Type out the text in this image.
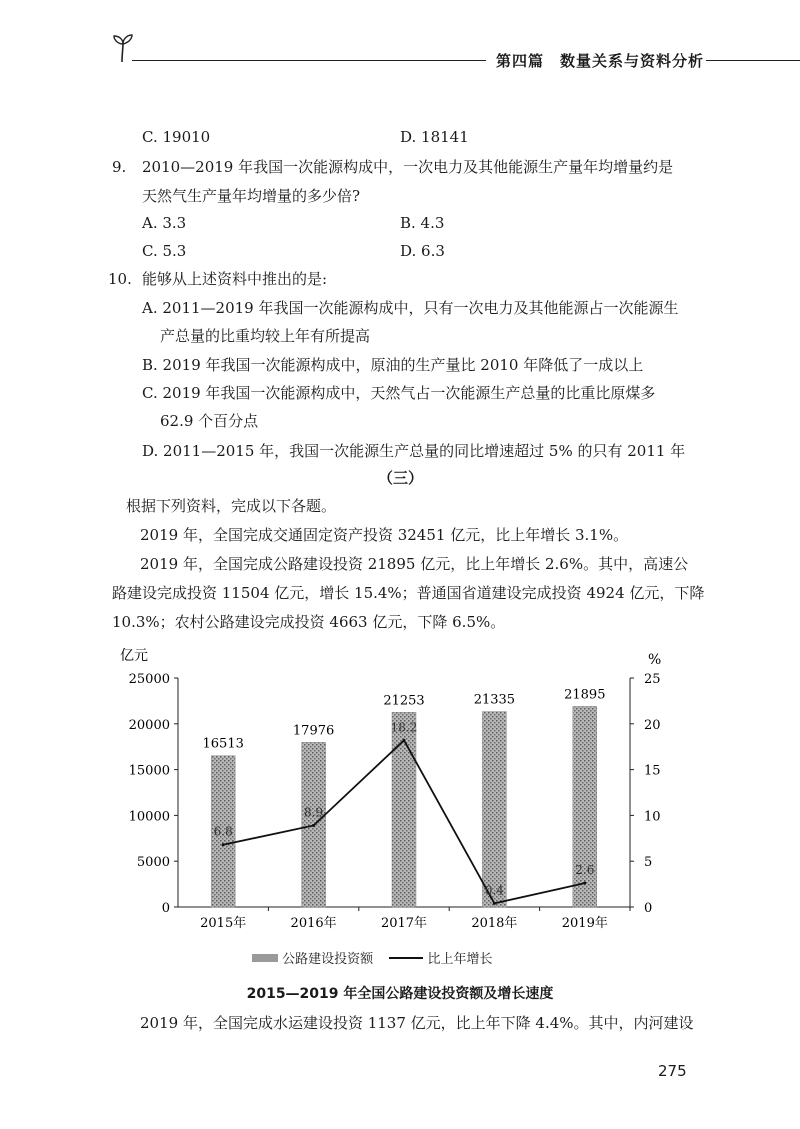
第四篇　数量关系与资料分析
C. 19010	D. 18141
9. 2010—2019 年我国一次能源构成中，一次电力及其他能源生产量年均增量约是
天然气生产量年均增量的多少倍?
A. 3.3	B. 4.3
C. 5.3	D. 6.3
10. 能够从上述资料中推出的是:
A. 2011—2019 年我国一次能源构成中，只有一次电力及其他能源占一次能源生
产总量的比重均较上年有所提高
B. 2019 年我国一次能源构成中，原油的生产量比 2010 年降低了一成以上
C. 2019 年我国一次能源构成中，天然气占一次能源生产总量的比重比原煤多
62.9 个百分点
D. 2011—2015 年，我国一次能源生产总量的同比增速超过 5% 的只有 2011 年
（三）
根据下列资料，完成以下各题。
2019 年，全国完成交通固定资产投资 32451 亿元，比上年增长 3.1%。
2019 年，全国完成公路建设投资 21895 亿元，比上年增长 2.6%。其中，高速公
路建设完成投资 11504 亿元，增长 15.4%；普通国省道建设完成投资 4924 亿元，下降
10.3%；农村公路建设完成投资 4663 亿元，下降 6.5%。
亿元	%
25000
20000
15000
10000
5000
0
25
20
15
10
5
0
2015年
16513
2016年
17976
2017年
21253
2018年
21335
2019年
21895
6.8
8.9
18.2
0.4
2.6
公路建设投资额	比上年增长
2015—2019 年全国公路建设投资额及增长速度
2019 年，全国完成水运建设投资 1137 亿元，比上年下降 4.4%。其中，内河建设
275
